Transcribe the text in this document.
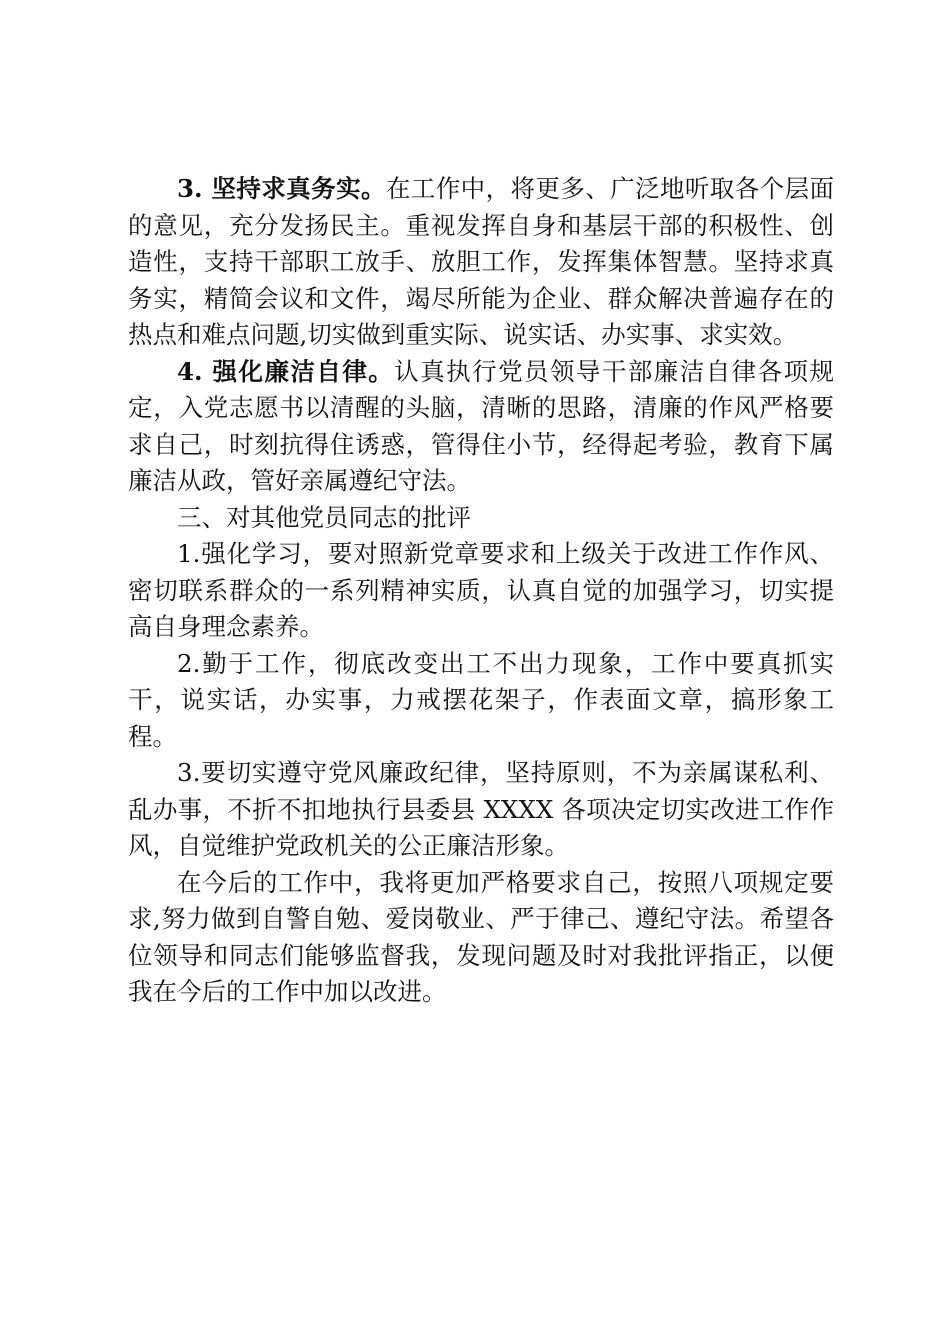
3. 坚持求真务实。在工作中，将更多、广泛地听取各个层面的意见，充分发扬民主。重视发挥自身和基层干部的积极性、创造性，支持干部职工放手、放胆工作，发挥集体智慧。坚持求真务实，精简会议和文件，竭尽所能为企业、群众解决普遍存在的热点和难点问题,切实做到重实际、说实话、办实事、求实效。

4. 强化廉洁自律。认真执行党员领导干部廉洁自律各项规定，入党志愿书以清醒的头脑，清晰的思路，清廉的作风严格要求自己，时刻抗得住诱惑，管得住小节，经得起考验，教育下属廉洁从政，管好亲属遵纪守法。

三、对其他党员同志的批评

1.强化学习，要对照新党章要求和上级关于改进工作作风、密切联系群众的一系列精神实质，认真自觉的加强学习，切实提高自身理念素养。

2.勤于工作，彻底改变出工不出力现象，工作中要真抓实干，说实话，办实事，力戒摆花架子，作表面文章，搞形象工程。

3.要切实遵守党风廉政纪律，坚持原则，不为亲属谋私利、乱办事，不折不扣地执行县委县 XXXX 各项决定切实改进工作作风，自觉维护党政机关的公正廉洁形象。

在今后的工作中，我将更加严格要求自己，按照八项规定要求,努力做到自警自勉、爱岗敬业、严于律己、遵纪守法。希望各位领导和同志们能够监督我，发现问题及时对我批评指正，以便我在今后的工作中加以改进。
